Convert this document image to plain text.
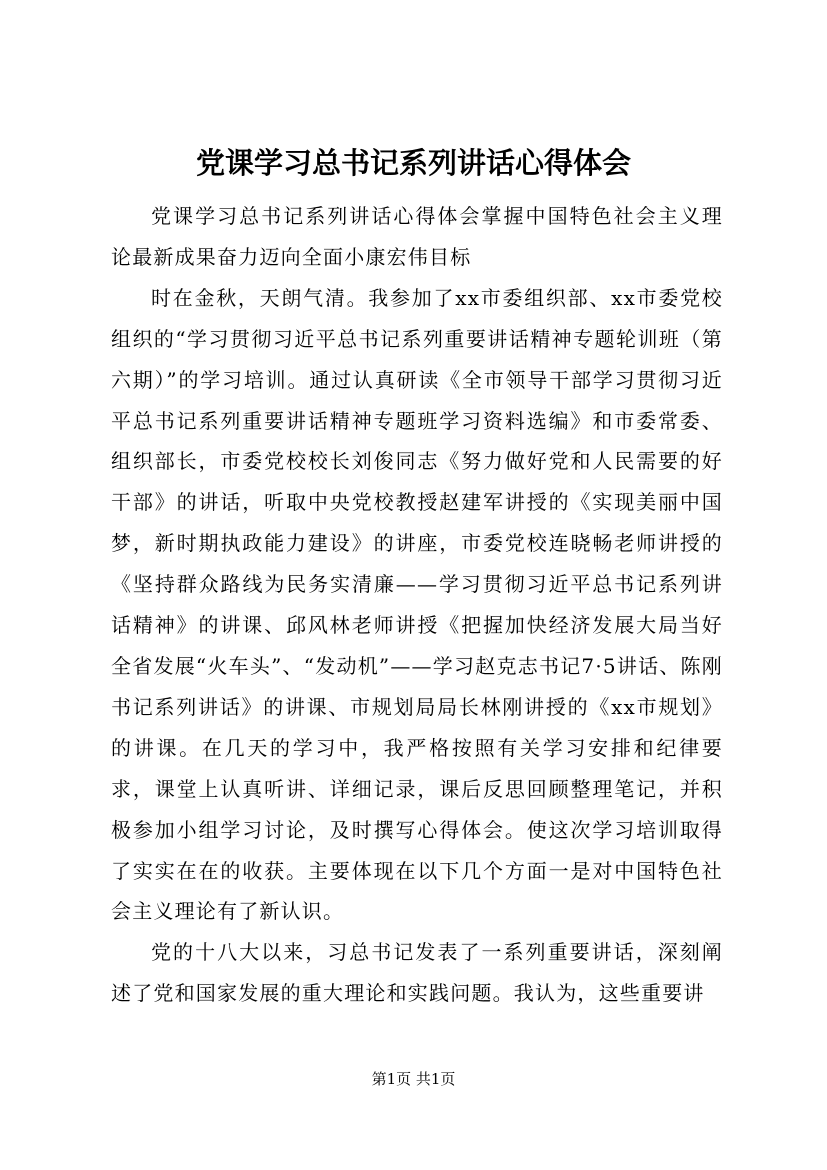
党课学习总书记系列讲话心得体会

党课学习总书记系列讲话心得体会掌握中国特色社会主义理论最新成果奋力迈向全面小康宏伟目标

时在金秋，天朗气清。我参加了xx市委组织部、xx市委党校组织的“学习贯彻习近平总书记系列重要讲话精神专题轮训班（第六期）”的学习培训。通过认真研读《全市领导干部学习贯彻习近平总书记系列重要讲话精神专题班学习资料选编》和市委常委、组织部长，市委党校校长刘俊同志《努力做好党和人民需要的好干部》的讲话，听取中央党校教授赵建军讲授的《实现美丽中国梦，新时期执政能力建设》的讲座，市委党校连晓畅老师讲授的《坚持群众路线为民务实清廉——学习贯彻习近平总书记系列讲话精神》的讲课、邱风林老师讲授《把握加快经济发展大局当好全省发展“火车头”、“发动机”——学习赵克志书记7·5讲话、陈刚书记系列讲话》的讲课、市规划局局长林刚讲授的《xx市规划》的讲课。在几天的学习中，我严格按照有关学习安排和纪律要求，课堂上认真听讲、详细记录，课后反思回顾整理笔记，并积极参加小组学习讨论，及时撰写心得体会。使这次学习培训取得了实实在在的收获。主要体现在以下几个方面一是对中国特色社会主义理论有了新认识。

党的十八大以来，习总书记发表了一系列重要讲话，深刻阐述了党和国家发展的重大理论和实践问题。我认为，这些重要讲

第1页 共1页
